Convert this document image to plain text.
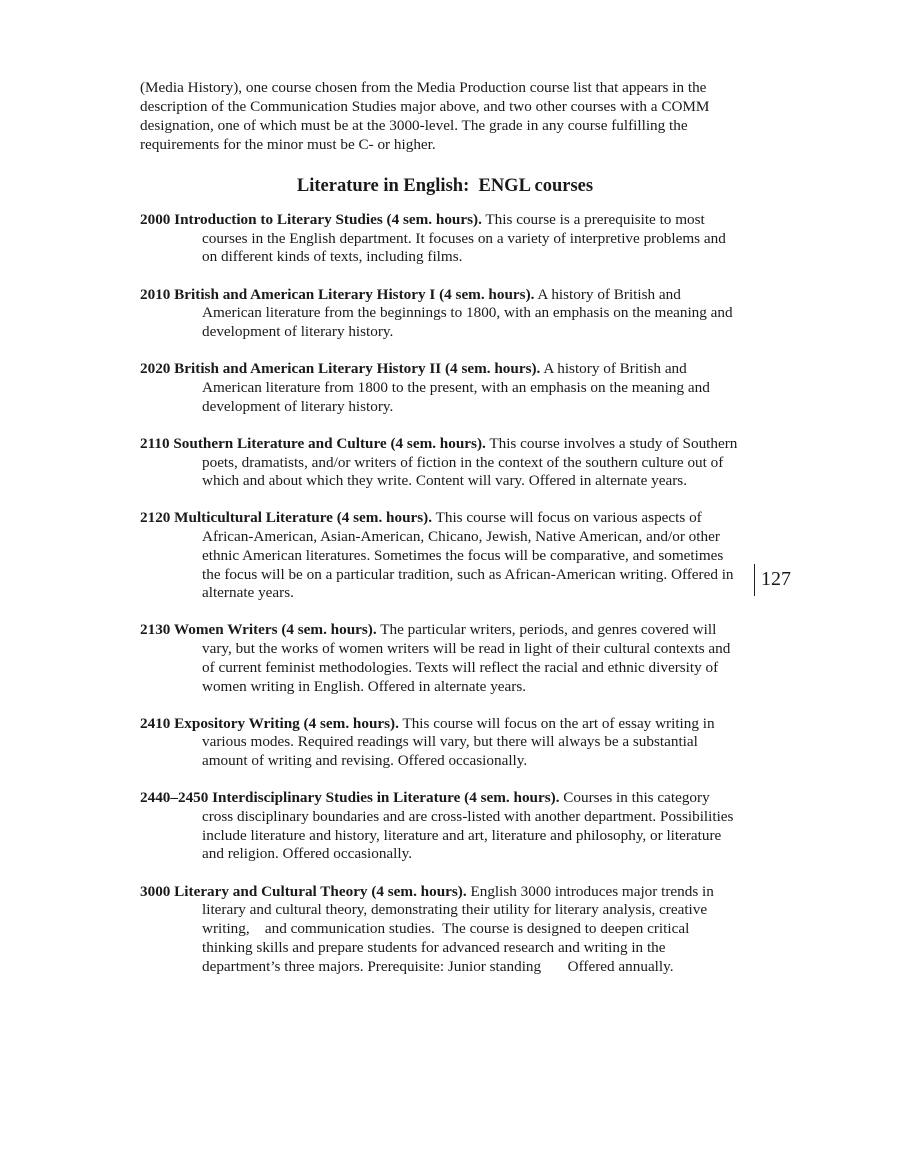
(Media History), one course chosen from the Media Production course list that appears in the description of the Communication Studies major above, and two other courses with a COMM designation, one of which must be at the 3000-level. The grade in any course fulfilling the requirements for the minor must be C- or higher.

Literature in English:  ENGL courses

2000 Introduction to Literary Studies (4 sem. hours). This course is a prerequisite to most courses in the English department. It focuses on a variety of interpretive problems and on different kinds of texts, including films.

2010 British and American Literary History I (4 sem. hours). A history of British and American literature from the beginnings to 1800, with an emphasis on the meaning and development of literary history.

2020 British and American Literary History II (4 sem. hours). A history of British and American literature from 1800 to the present, with an emphasis on the meaning and development of literary history.

2110 Southern Literature and Culture (4 sem. hours). This course involves a study of Southern poets, dramatists, and/or writers of fiction in the context of the southern culture out of which and about which they write. Content will vary. Offered in alternate years.

2120 Multicultural Literature (4 sem. hours). This course will focus on various aspects of African-American, Asian-American, Chicano, Jewish, Native American, and/or other ethnic American literatures. Sometimes the focus will be comparative, and sometimes the focus will be on a particular tradition, such as African-American writing. Offered in alternate years.

2130 Women Writers (4 sem. hours). The particular writers, periods, and genres covered will vary, but the works of women writers will be read in light of their cultural contexts and of current feminist methodologies. Texts will reflect the racial and ethnic diversity of women writing in English. Offered in alternate years.

2410 Expository Writing (4 sem. hours). This course will focus on the art of essay writing in various modes. Required readings will vary, but there will always be a substantial amount of writing and revising. Offered occasionally.

2440–2450 Interdisciplinary Studies in Literature (4 sem. hours). Courses in this category cross disciplinary boundaries and are cross-listed with another department. Possibilities include literature and history, literature and art, literature and philosophy, or literature and religion. Offered occasionally.

3000 Literary and Cultural Theory (4 sem. hours). English 3000 introduces major trends in literary and cultural theory, demonstrating their utility for literary analysis, creative writing,    and communication studies.  The course is designed to deepen critical thinking skills and prepare students for advanced research and writing in the department’s three majors. Prerequisite: Junior standing       Offered annually.

127
